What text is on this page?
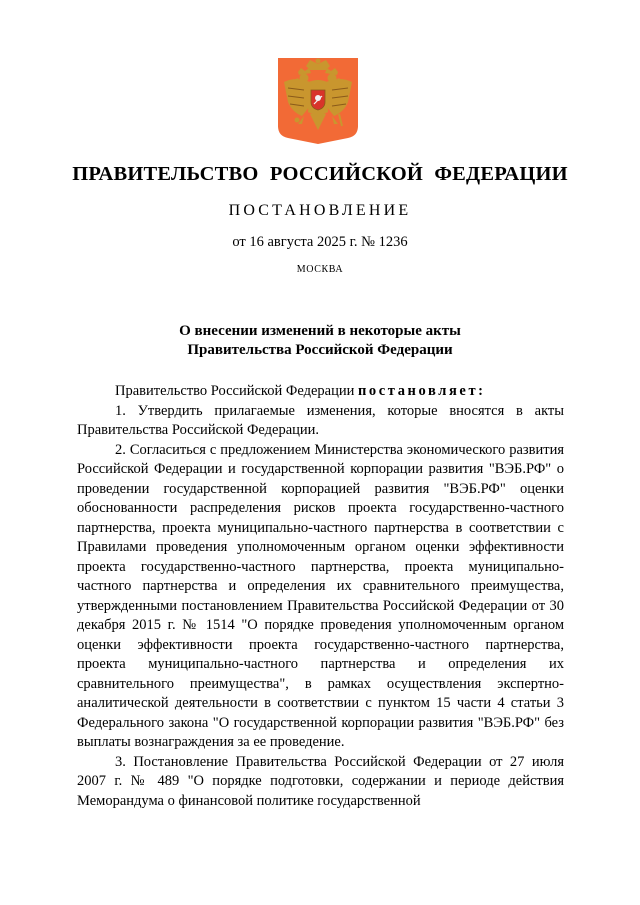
ПРАВИТЕЛЬСТВО РОССИЙСКОЙ ФЕДЕРАЦИИ
ПОСТАНОВЛЕНИЕ
от 16 августа 2025 г. № 1236
МОСКВА
О внесении изменений в некоторые акты
Правительства Российской Федерации

Правительство Российской Федерации постановляет:

1. Утвердить прилагаемые изменения, которые вносятся в акты Правительства Российской Федерации.

2. Согласиться с предложением Министерства экономического развития Российской Федерации и государственной корпорации развития "ВЭБ.РФ" о проведении государственной корпорацией развития "ВЭБ.РФ" оценки обоснованности распределения рисков проекта государственно-частного партнерства, проекта муниципально-частного партнерства в соответствии с Правилами проведения уполномоченным органом оценки эффективности проекта государственно-частного партнерства, проекта муниципально-частного партнерства и определения их сравнительного преимущества, утвержденными постановлением Правительства Российской Федерации от 30 декабря 2015 г. № 1514 "О порядке проведения уполномоченным органом оценки эффективности проекта государственно-частного партнерства, проекта муниципально-частного партнерства и определения их сравнительного преимущества", в рамках осуществления экспертно-аналитической деятельности в соответствии с пунктом 15 части 4 статьи 3 Федерального закона "О государственной корпорации развития "ВЭБ.РФ" без выплаты вознаграждения за ее проведение.

3. Постановление Правительства Российской Федерации от 27 июля 2007 г. № 489 "О порядке подготовки, содержании и периоде действия Меморандума о финансовой политике государственной
